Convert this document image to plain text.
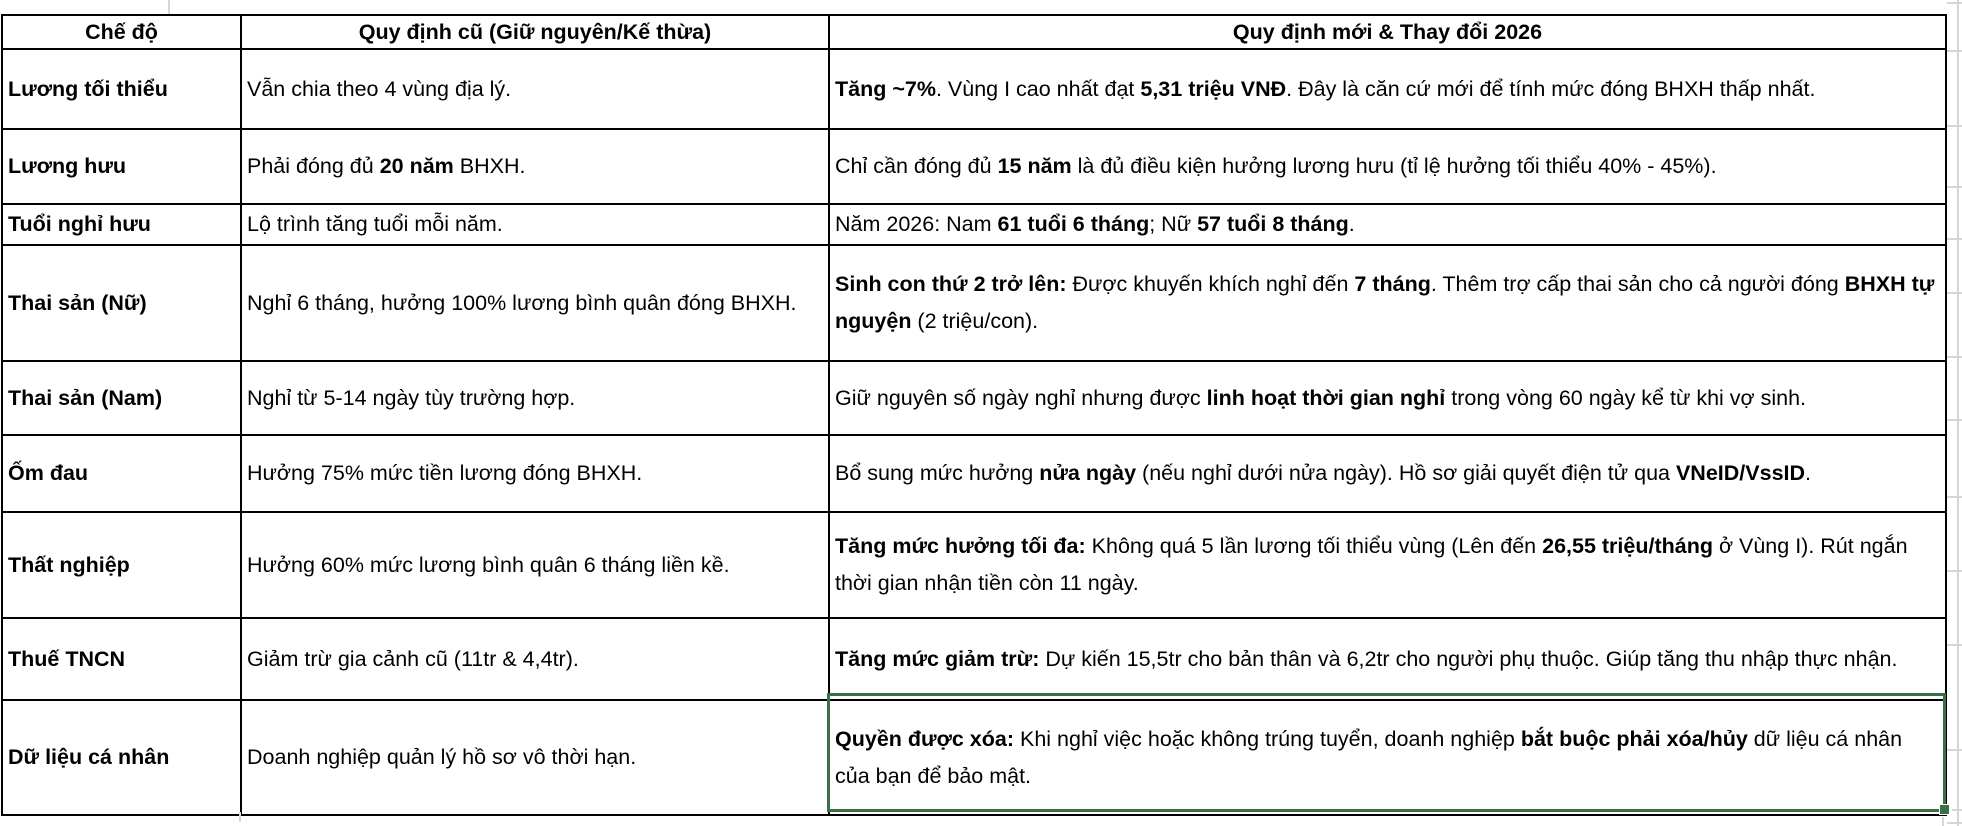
Chế độ	Quy định cũ (Giữ nguyên/Kế thừa)	Quy định mới & Thay đổi 2026
Lương tối thiểu	Vẫn chia theo 4 vùng địa lý.	Tăng ~7%. Vùng I cao nhất đạt 5,31 triệu VNĐ. Đây là căn cứ mới để tính mức đóng BHXH thấp nhất.
Lương hưu	Phải đóng đủ 20 năm BHXH.	Chỉ cần đóng đủ 15 năm là đủ điều kiện hưởng lương hưu (tỉ lệ hưởng tối thiểu 40% - 45%).
Tuổi nghỉ hưu	Lộ trình tăng tuổi mỗi năm.	Năm 2026: Nam 61 tuổi 6 tháng; Nữ 57 tuổi 8 tháng.
Thai sản (Nữ)	Nghỉ 6 tháng, hưởng 100% lương bình quân đóng BHXH.	Sinh con thứ 2 trở lên: Được khuyến khích nghỉ đến 7 tháng. Thêm trợ cấp thai sản cho cả người đóng BHXH tự nguyện (2 triệu/con).
Thai sản (Nam)	Nghỉ từ 5-14 ngày tùy trường hợp.	Giữ nguyên số ngày nghỉ nhưng được linh hoạt thời gian nghỉ trong vòng 60 ngày kể từ khi vợ sinh.
Ốm đau	Hưởng 75% mức tiền lương đóng BHXH.	Bổ sung mức hưởng nửa ngày (nếu nghỉ dưới nửa ngày). Hồ sơ giải quyết điện tử qua VNeID/VssID.
Thất nghiệp	Hưởng 60% mức lương bình quân 6 tháng liền kề.	Tăng mức hưởng tối đa: Không quá 5 lần lương tối thiểu vùng (Lên đến 26,55 triệu/tháng ở Vùng I). Rút ngắn thời gian nhận tiền còn 11 ngày.
Thuế TNCN	Giảm trừ gia cảnh cũ (11tr & 4,4tr).	Tăng mức giảm trừ: Dự kiến 15,5tr cho bản thân và 6,2tr cho người phụ thuộc. Giúp tăng thu nhập thực nhận.
Dữ liệu cá nhân	Doanh nghiệp quản lý hồ sơ vô thời hạn.	Quyền được xóa: Khi nghỉ việc hoặc không trúng tuyển, doanh nghiệp bắt buộc phải xóa/hủy dữ liệu cá nhân của bạn để bảo mật.
